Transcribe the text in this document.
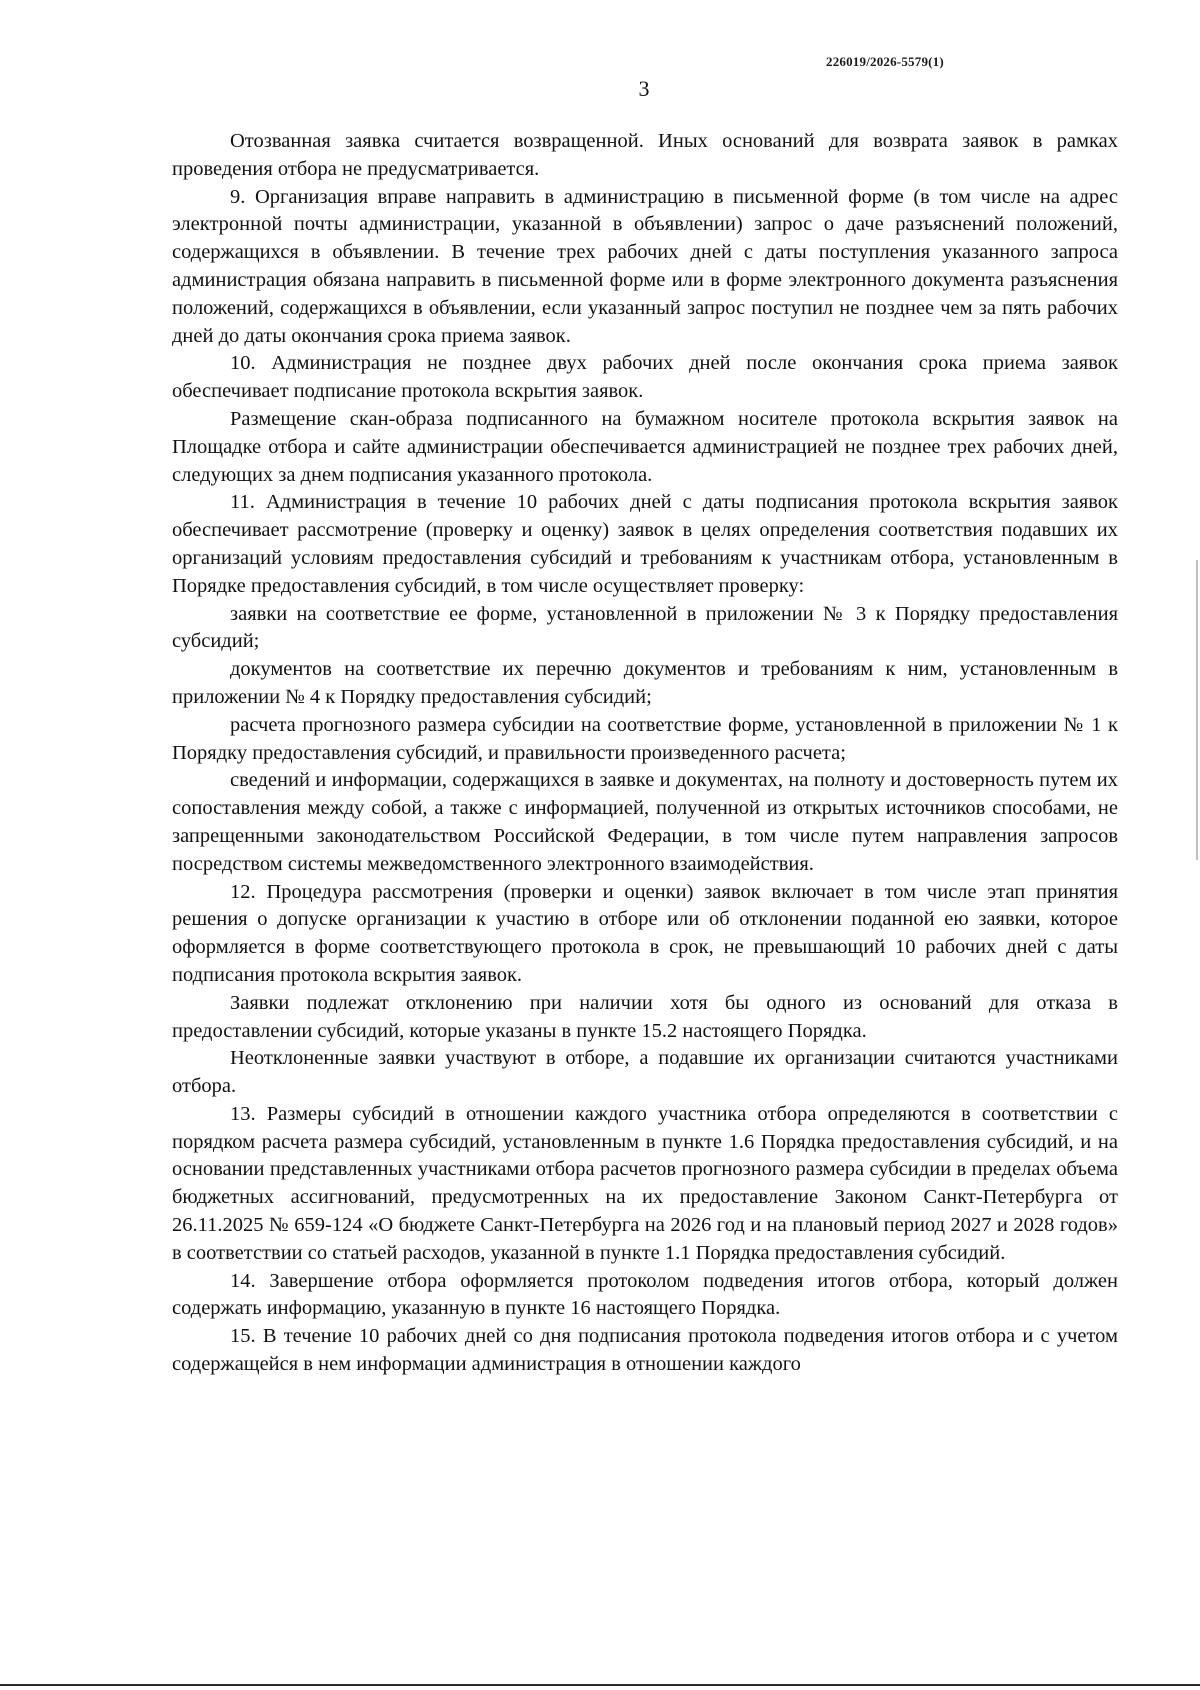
226019/2026-5579(1)
3

Отозванная заявка считается возвращенной. Иных оснований для возврата заявок в рамках проведения отбора не предусматривается.

9. Организация вправе направить в администрацию в письменной форме (в том числе на адрес электронной почты администрации, указанной в объявлении) запрос о даче разъяснений положений, содержащихся в объявлении. В течение трех рабочих дней с даты поступления указанного запроса администрация обязана направить в письменной форме или в форме электронного документа разъяснения положений, содержащихся в объявлении, если указанный запрос поступил не позднее чем за пять рабочих дней до даты окончания срока приема заявок.

10. Администрация не позднее двух рабочих дней после окончания срока приема заявок обеспечивает подписание протокола вскрытия заявок.

Размещение скан-образа подписанного на бумажном носителе протокола вскрытия заявок на Площадке отбора и сайте администрации обеспечивается администрацией не позднее трех рабочих дней, следующих за днем подписания указанного протокола.

11. Администрация в течение 10 рабочих дней с даты подписания протокола вскрытия заявок обеспечивает рассмотрение (проверку и оценку) заявок в целях определения соответствия подавших их организаций условиям предоставления субсидий и требованиям к участникам отбора, установленным в Порядке предоставления субсидий, в том числе осуществляет проверку:

заявки на соответствие ее форме, установленной в приложении № 3 к Порядку предоставления субсидий;

документов на соответствие их перечню документов и требованиям к ним, установленным в приложении № 4 к Порядку предоставления субсидий;

расчета прогнозного размера субсидии на соответствие форме, установленной в приложении № 1 к Порядку предоставления субсидий, и правильности произведенного расчета;

сведений и информации, содержащихся в заявке и документах, на полноту и достоверность путем их сопоставления между собой, а также с информацией, полученной из открытых источников способами, не запрещенными законодательством Российской Федерации, в том числе путем направления запросов посредством системы межведомственного электронного взаимодействия.

12. Процедура рассмотрения (проверки и оценки) заявок включает в том числе этап принятия решения о допуске организации к участию в отборе или об отклонении поданной ею заявки, которое оформляется в форме соответствующего протокола в срок, не превышающий 10 рабочих дней с даты подписания протокола вскрытия заявок.

Заявки подлежат отклонению при наличии хотя бы одного из оснований для отказа в предоставлении субсидий, которые указаны в пункте 15.2 настоящего Порядка.

Неотклоненные заявки участвуют в отборе, а подавшие их организации считаются участниками отбора.

13. Размеры субсидий в отношении каждого участника отбора определяются в соответствии с порядком расчета размера субсидий, установленным в пункте 1.6 Порядка предоставления субсидий, и на основании представленных участниками отбора расчетов прогнозного размера субсидии в пределах объема бюджетных ассигнований, предусмотренных на их предоставление Законом Санкт-Петербурга от 26.11.2025 № 659-124 «О бюджете Санкт-Петербурга на 2026 год и на плановый период 2027 и 2028 годов» в соответствии со статьей расходов, указанной в пункте 1.1 Порядка предоставления субсидий.

14. Завершение отбора оформляется протоколом подведения итогов отбора, который должен содержать информацию, указанную в пункте 16 настоящего Порядка.

15. В течение 10 рабочих дней со дня подписания протокола подведения итогов отбора и с учетом содержащейся в нем информации администрация в отношении каждого
